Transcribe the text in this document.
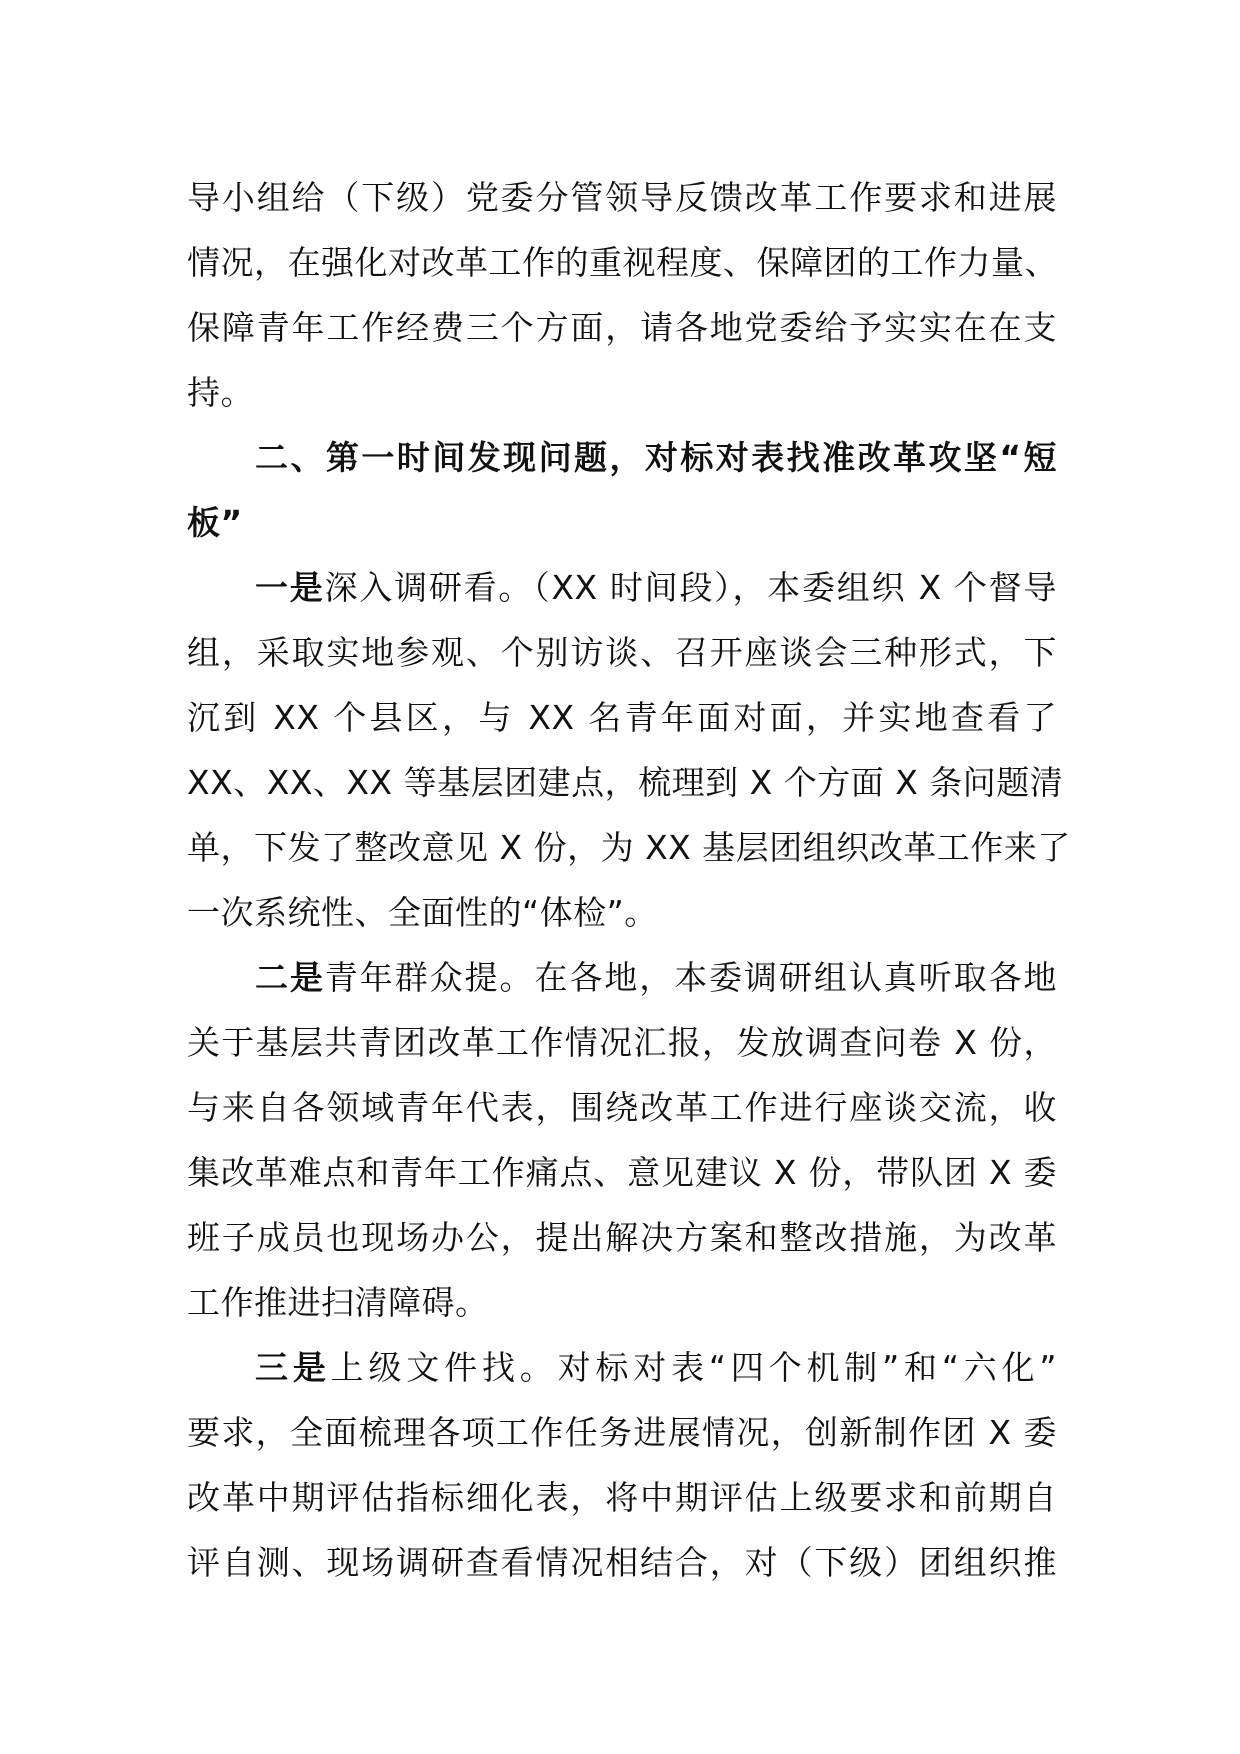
导小组给（下级）党委分管领导反馈改革工作要求和进展
情况，在强化对改革工作的重视程度、保障团的工作力量、
保障青年工作经费三个方面，请各地党委给予实实在在支
持。
二、第一时间发现问题，对标对表找准改革攻坚“短
板”
一是深入调研看。（XX 时间段），本委组织 X 个督导
组，采取实地参观、个别访谈、召开座谈会三种形式，下
沉到 XX 个县区，与 XX 名青年面对面，并实地查看了
XX、XX、XX 等基层团建点，梳理到 X 个方面 X 条问题清
单，下发了整改意见 X 份，为 XX 基层团组织改革工作来了
一次系统性、全面性的“体检”。
二是青年群众提。在各地，本委调研组认真听取各地
关于基层共青团改革工作情况汇报，发放调查问卷 X 份，
与来自各领域青年代表，围绕改革工作进行座谈交流，收
集改革难点和青年工作痛点、意见建议 X 份，带队团 X 委
班子成员也现场办公，提出解决方案和整改措施，为改革
工作推进扫清障碍。
三是上级文件找。对标对表“四个机制”和“六化”
要求，全面梳理各项工作任务进展情况，创新制作团 X 委
改革中期评估指标细化表，将中期评估上级要求和前期自
评自测、现场调研查看情况相结合，对（下级）团组织推
